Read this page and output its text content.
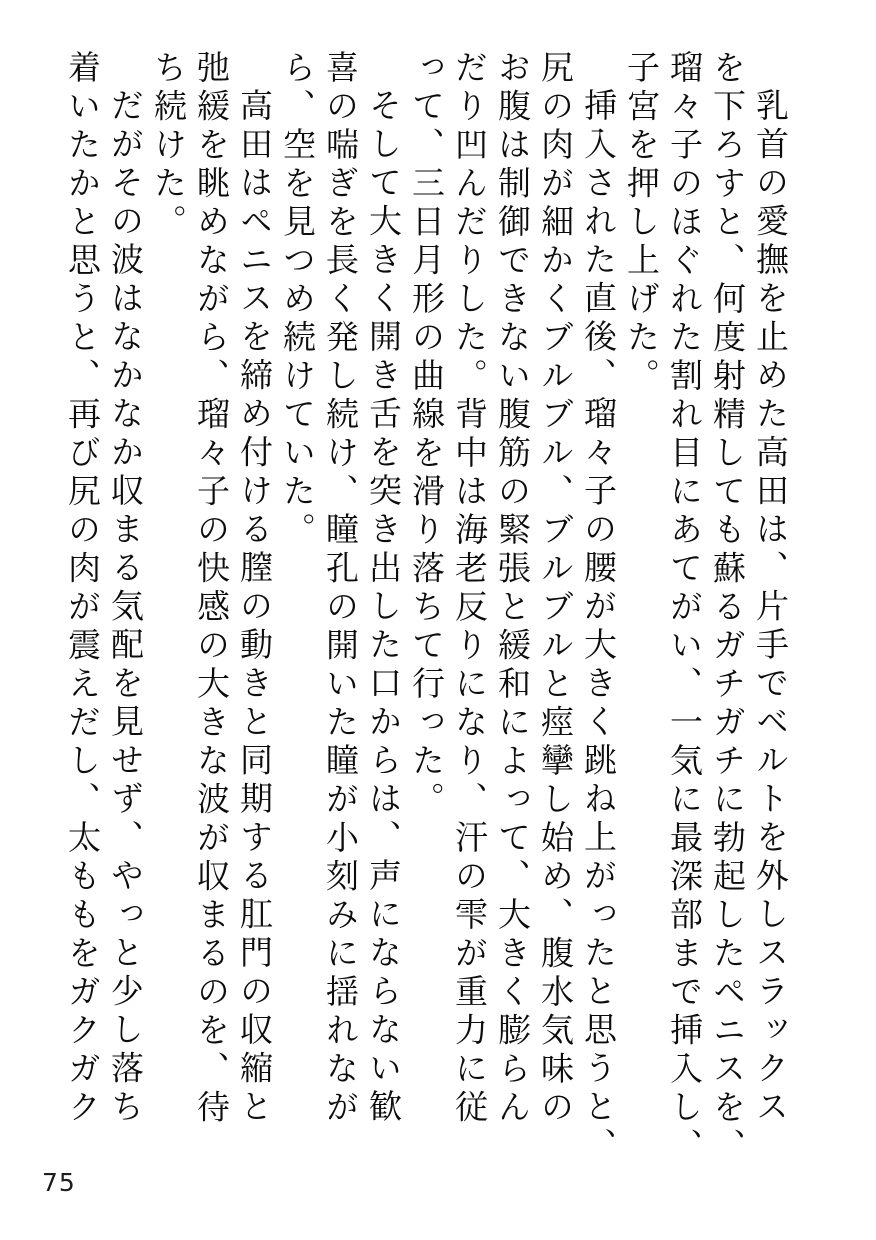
乳首の愛撫を止めた高田は、片手でベルトを外しスラックス
を下ろすと、何度射精しても蘇るガチガチに勃起したペニスを、
瑠々子のほぐれた割れ目にあてがい、一気に最深部まで挿入し、
子宮を押し上げた。

挿入された直後、瑠々子の腰が大きく跳ね上がったと思うと、
尻の肉が細かくブルブル、ブルブルと痙攣し始め、腹水気味の
お腹は制御できない腹筋の緊張と緩和によって、大きく膨らん
だり凹んだりした。背中は海老反りになり、汗の雫が重力に従
って、三日月形の曲線を滑り落ちて行った。

そして大きく開き舌を突き出した口からは、声にならない歓
喜の喘ぎを長く発し続け、瞳孔の開いた瞳が小刻みに揺れなが
ら、空を見つめ続けていた。

高田はペニスを締め付ける膣の動きと同期する肛門の収縮と
弛緩を眺めながら、瑠々子の快感の大きな波が収まるのを、待
ち続けた。

だがその波はなかなか収まる気配を見せず、やっと少し落ち
着いたかと思うと、再び尻の肉が震えだし、太ももをガクガク

75
